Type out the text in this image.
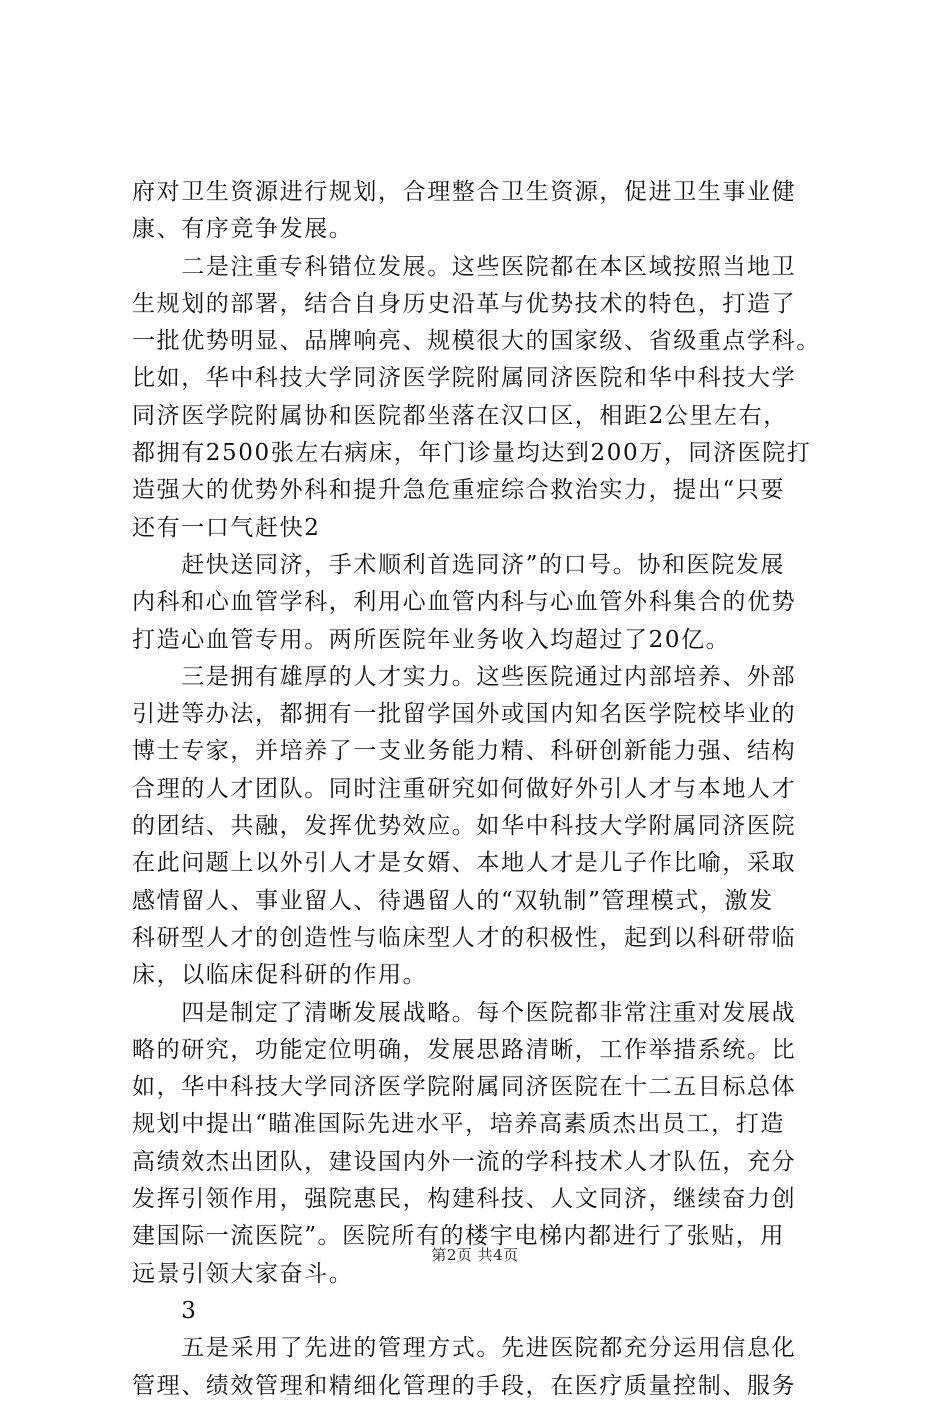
府对卫生资源进行规划，合理整合卫生资源，促进卫生事业健
康、有序竞争发展。
　　二是注重专科错位发展。这些医院都在本区域按照当地卫
生规划的部署，结合自身历史沿革与优势技术的特色，打造了
一批优势明显、品牌响亮、规模很大的国家级、省级重点学科。
比如，华中科技大学同济医学院附属同济医院和华中科技大学
同济医学院附属协和医院都坐落在汉口区，相距2公里左右，
都拥有2500张左右病床，年门诊量均达到200万，同济医院打
造强大的优势外科和提升急危重症综合救治实力，提出“只要
还有一口气赶快2
　　赶快送同济，手术顺利首选同济”的口号。协和医院发展
内科和心血管学科，利用心血管内科与心血管外科集合的优势
打造心血管专用。两所医院年业务收入均超过了20亿。
　　三是拥有雄厚的人才实力。这些医院通过内部培养、外部
引进等办法，都拥有一批留学国外或国内知名医学院校毕业的
博士专家，并培养了一支业务能力精、科研创新能力强、结构
合理的人才团队。同时注重研究如何做好外引人才与本地人才
的团结、共融，发挥优势效应。如华中科技大学附属同济医院
在此问题上以外引人才是女婿、本地人才是儿子作比喻，采取
感情留人、事业留人、待遇留人的“双轨制”管理模式，激发
科研型人才的创造性与临床型人才的积极性，起到以科研带临
床，以临床促科研的作用。
　　四是制定了清晰发展战略。每个医院都非常注重对发展战
略的研究，功能定位明确，发展思路清晰，工作举措系统。比
如，华中科技大学同济医学院附属同济医院在十二五目标总体
规划中提出“瞄准国际先进水平，培养高素质杰出员工，打造
高绩效杰出团队，建设国内外一流的学科技术人才队伍，充分
发挥引领作用，强院惠民，构建科技、人文同济，继续奋力创
建国际一流医院”。医院所有的楼宇电梯内都进行了张贴，用
远景引领大家奋斗。
　　3
　　五是采用了先进的管理方式。先进医院都充分运用信息化
管理、绩效管理和精细化管理的手段，在医疗质量控制、服务
第2页 共4页
